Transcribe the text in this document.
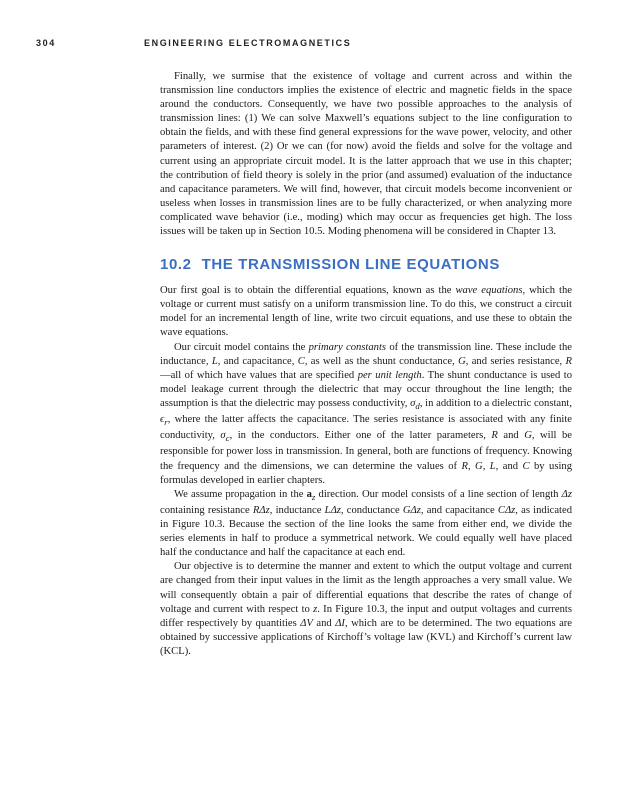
304	ENGINEERING ELECTROMAGNETICS

Finally, we surmise that the existence of voltage and current across and within the transmission line conductors implies the existence of electric and magnetic fields in the space around the conductors. Consequently, we have two possible approaches to the analysis of transmission lines: (1) We can solve Maxwell’s equations subject to the line configuration to obtain the fields, and with these find general expressions for the wave power, velocity, and other parameters of interest. (2) Or we can (for now) avoid the fields and solve for the voltage and current using an appropriate circuit model. It is the latter approach that we use in this chapter; the contribution of field theory is solely in the prior (and assumed) evaluation of the inductance and capacitance parameters. We will find, however, that circuit models become inconvenient or useless when losses in transmission lines are to be fully characterized, or when analyzing more complicated wave behavior (i.e., moding) which may occur as frequencies get high. The loss issues will be taken up in Section 10.5. Moding phenomena will be considered in Chapter 13.

10.2 THE TRANSMISSION LINE EQUATIONS

Our first goal is to obtain the differential equations, known as the wave equations, which the voltage or current must satisfy on a uniform transmission line. To do this, we construct a circuit model for an incremental length of line, write two circuit equations, and use these to obtain the wave equations.

Our circuit model contains the primary constants of the transmission line. These include the inductance, L, and capacitance, C, as well as the shunt conductance, G, and series resistance, R—all of which have values that are specified per unit length. The shunt conductance is used to model leakage current through the dielectric that may occur throughout the line length; the assumption is that the dielectric may possess conductivity, $\sigma_d$, in addition to a dielectric constant, $\epsilon_r$, where the latter affects the capacitance. The series resistance is associated with any finite conductivity, $\sigma_c$, in the conductors. Either one of the latter parameters, R and G, will be responsible for power loss in transmission. In general, both are functions of frequency. Knowing the frequency and the dimensions, we can determine the values of R, G, L, and C by using formulas developed in earlier chapters.

We assume propagation in the $a_z$ direction. Our model consists of a line section of length Δz containing resistance RΔz, inductance LΔz, conductance GΔz, and capacitance CΔz, as indicated in Figure 10.3. Because the section of the line looks the same from either end, we divide the series elements in half to produce a symmetrical network. We could equally well have placed half the conductance and half the capacitance at each end.

Our objective is to determine the manner and extent to which the output voltage and current are changed from their input values in the limit as the length approaches a very small value. We will consequently obtain a pair of differential equations that describe the rates of change of voltage and current with respect to z. In Figure 10.3, the input and output voltages and currents differ respectively by quantities ΔV and ΔI, which are to be determined. The two equations are obtained by successive applications of Kirchoff’s voltage law (KVL) and Kirchoff’s current law (KCL).
